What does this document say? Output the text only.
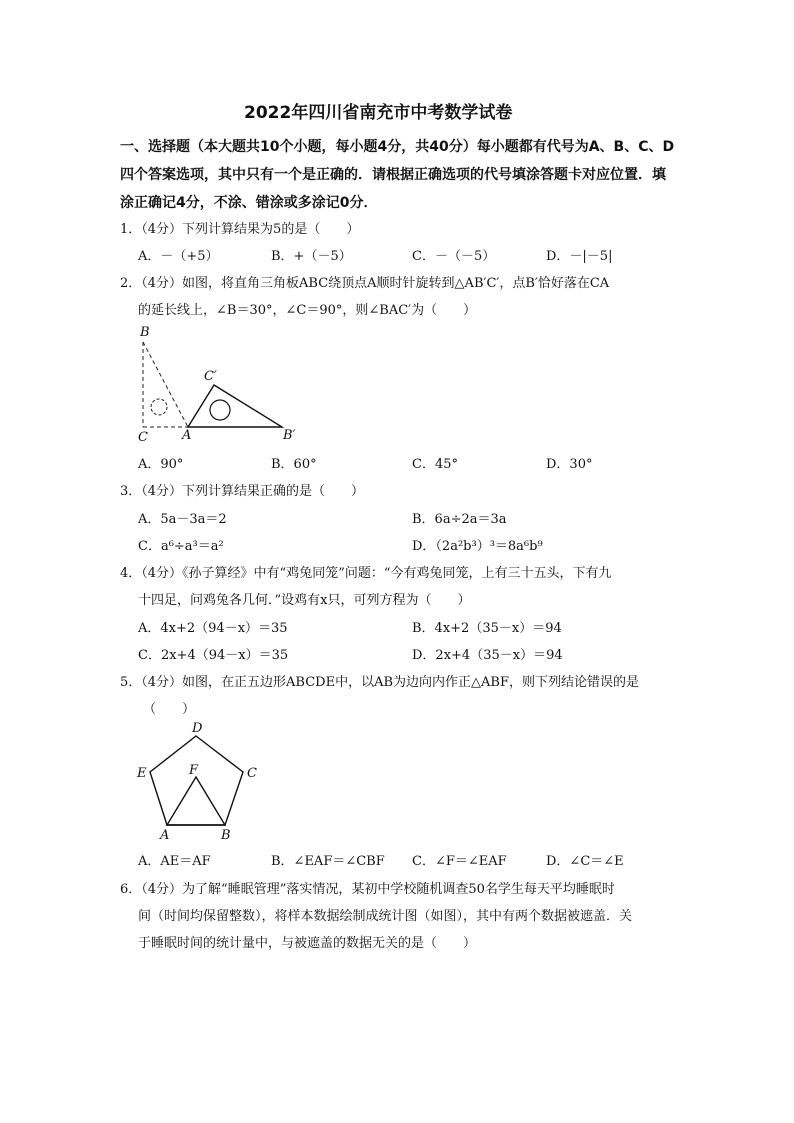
2022年四川省南充市中考数学试卷
一、选择题（本大题共10个小题，每小题4分，共40分）每小题都有代号为A、B、C、D
四个答案选项，其中只有一个是正确的．请根据正确选项的代号填涂答题卡对应位置．填
涂正确记4分，不涂、错涂或多涂记0分．
1．（4分）下列计算结果为5的是（　　）
A．－（+5）	B．+（－5）	C．－（－5）	D．－|－5|
2．（4分）如图，将直角三角板ABC绕顶点A顺时针旋转到△AB′C′，点B′恰好落在CA
的延长线上，∠B＝30°，∠C＝90°，则∠BAC′为（　　）
B
C	A
C′
B′
A．90°	B．60°	C．45°	D．30°
3．（4分）下列计算结果正确的是（　　）
A．5a－3a＝2	B．6a÷2a＝3a
C．a⁶÷a³＝a²	D．（2a²b³）³＝8a⁶b⁹
4．（4分）《孙子算经》中有“鸡兔同笼”问题：“今有鸡兔同笼，上有三十五头，下有九
十四足，问鸡兔各几何．”设鸡有x只，可列方程为（　　）
A．4x+2（94－x）＝35	B．4x+2（35－x）＝94
C．2x+4（94－x）＝35	D．2x+4（35－x）＝94
5．（4分）如图，在正五边形ABCDE中，以AB为边向内作正△ABF，则下列结论错误的是
（　　）
D
E	C
F
A	B
A．AE＝AF	B．∠EAF＝∠CBF C．∠F＝∠EAF	D．∠C＝∠E
6．（4分）为了解“睡眠管理”落实情况，某初中学校随机调查50名学生每天平均睡眠时
间（时间均保留整数），将样本数据绘制成统计图（如图），其中有两个数据被遮盖．关
于睡眠时间的统计量中，与被遮盖的数据无关的是（　　）
